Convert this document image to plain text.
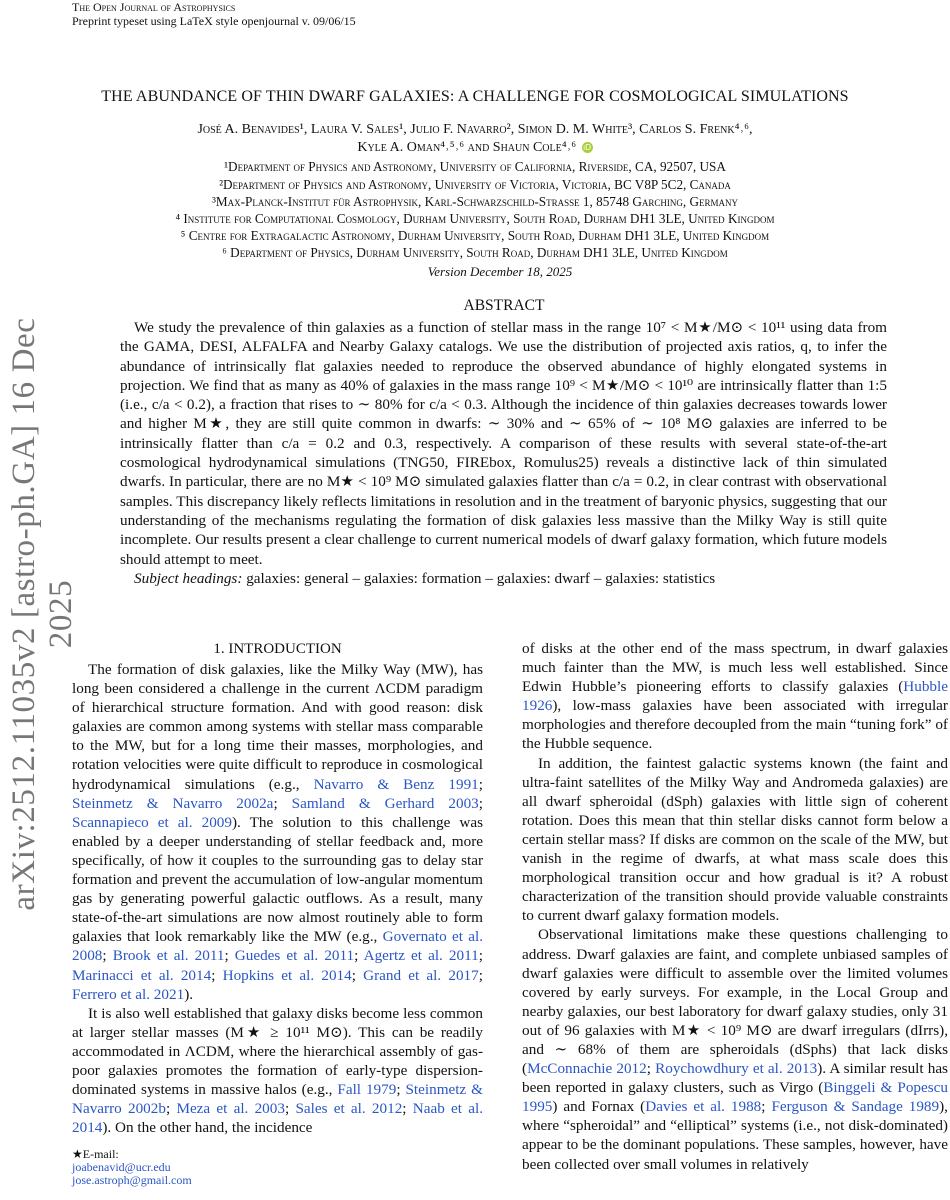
The Open Journal of Astrophysics
Preprint typeset using LaTeX style openjournal v. 09/06/15
THE ABUNDANCE OF THIN DWARF GALAXIES: A CHALLENGE FOR COSMOLOGICAL SIMULATIONS
José A. Benavides¹, Laura V. Sales¹, Julio F. Navarro², Simon D. M. White³, Carlos S. Frenk⁴˒⁶,
Kyle A. Oman⁴˒⁵˒⁶ and Shaun Cole⁴˒⁶ iD
¹Department of Physics and Astronomy, University of California, Riverside, CA, 92507, USA
²Department of Physics and Astronomy, University of Victoria, Victoria, BC V8P 5C2, Canada
³Max-Planck-Institut für Astrophysik, Karl-Schwarzschild-Straße 1, 85748 Garching, Germany
⁴ Institute for Computational Cosmology, Durham University, South Road, Durham DH1 3LE, United Kingdom
⁵ Centre for Extragalactic Astronomy, Durham University, South Road, Durham DH1 3LE, United Kingdom
⁶ Department of Physics, Durham University, South Road, Durham DH1 3LE, United Kingdom
Version December 18, 2025
ABSTRACT

We study the prevalence of thin galaxies as a function of stellar mass in the range 10⁷ < M★/M⊙ < 10¹¹ using data from the GAMA, DESI, ALFALFA and Nearby Galaxy catalogs. We use the distribution of projected axis ratios, q, to infer the abundance of intrinsically flat galaxies needed to reproduce the observed abundance of highly elongated systems in projection. We find that as many as 40% of galaxies in the mass range 10⁹ < M★/M⊙ < 10¹⁰ are intrinsically flatter than 1:5 (i.e., c/a < 0.2), a fraction that rises to ∼ 80% for c/a < 0.3. Although the incidence of thin galaxies decreases towards lower and higher M★, they are still quite common in dwarfs: ∼ 30% and ∼ 65% of ∼ 10⁸ M⊙ galaxies are inferred to be intrinsically flatter than c/a = 0.2 and 0.3, respectively. A comparison of these results with several state-of-the-art cosmological hydrodynamical simulations (TNG50, FIREbox, Romulus25) reveals a distinctive lack of thin simulated dwarfs. In particular, there are no M★ < 10⁹ M⊙ simulated galaxies flatter than c/a = 0.2, in clear contrast with observational samples. This discrepancy likely reflects limitations in resolution and in the treatment of baryonic physics, suggesting that our understanding of the mechanisms regulating the formation of disk galaxies less massive than the Milky Way is still quite incomplete. Our results present a clear challenge to current numerical models of dwarf galaxy formation, which future models should attempt to meet.

Subject headings: galaxies: general – galaxies: formation – galaxies: dwarf – galaxies: statistics

arXiv:2512.11035v2 [astro-ph.GA] 16 Dec 2025
1. INTRODUCTION

The formation of disk galaxies, like the Milky Way (MW), has long been considered a challenge in the current ΛCDM paradigm of hierarchical structure formation. And with good reason: disk galaxies are common among systems with stellar mass comparable to the MW, but for a long time their masses, morphologies, and rotation velocities were quite difficult to reproduce in cosmological hydrodynamical simulations (e.g., Navarro & Benz 1991; Steinmetz & Navarro 2002a; Samland & Gerhard 2003; Scannapieco et al. 2009). The solution to this challenge was enabled by a deeper understanding of stellar feedback and, more specifically, of how it couples to the surrounding gas to delay star formation and prevent the accumulation of low-angular momentum gas by generating powerful galactic outflows. As a result, many state-of-the-art simulations are now almost routinely able to form galaxies that look remarkably like the MW (e.g., Governato et al. 2008; Brook et al. 2011; Guedes et al. 2011; Agertz et al. 2011; Marinacci et al. 2014; Hopkins et al. 2014; Grand et al. 2017; Ferrero et al. 2021).

It is also well established that galaxy disks become less common at larger stellar masses (M★ ≥ 10¹¹ M⊙). This can be readily accommodated in ΛCDM, where the hierarchical assembly of gas-poor galaxies promotes the formation of early-type dispersion-dominated systems in massive halos (e.g., Fall 1979; Steinmetz & Navarro 2002b; Meza et al. 2003; Sales et al. 2012; Naab et al. 2014). On the other hand, the incidence

of disks at the other end of the mass spectrum, in dwarf galaxies much fainter than the MW, is much less well established. Since Edwin Hubble’s pioneering efforts to classify galaxies (Hubble 1926), low-mass galaxies have been associated with irregular morphologies and therefore decoupled from the main “tuning fork” of the Hubble sequence.

In addition, the faintest galactic systems known (the faint and ultra-faint satellites of the Milky Way and Andromeda galaxies) are all dwarf spheroidal (dSph) galaxies with little sign of coherent rotation. Does this mean that thin stellar disks cannot form below a certain stellar mass? If disks are common on the scale of the MW, but vanish in the regime of dwarfs, at what mass scale does this morphological transition occur and how gradual is it? A robust characterization of the transition should provide valuable constraints to current dwarf galaxy formation models.

Observational limitations make these questions challenging to address. Dwarf galaxies are faint, and complete unbiased samples of dwarf galaxies were difficult to assemble over the limited volumes covered by early surveys. For example, in the Local Group and nearby galaxies, our best laboratory for dwarf galaxy studies, only 31 out of 96 galaxies with M★ < 10⁹ M⊙ are dwarf irregulars (dIrrs), and ∼ 68% of them are spheroidals (dSphs) that lack disks (McConnachie 2012; Roychowdhury et al. 2013). A similar result has been reported in galaxy clusters, such as Virgo (Binggeli & Popescu 1995) and Fornax (Davies et al. 1988; Ferguson & Sandage 1989), where “spheroidal” and “elliptical” systems (i.e., not disk-dominated) appear to be the dominant populations. These samples, however, have been collected over small volumes in relatively

★E-mail:
joabenavid@ucr.edu
jose.astroph@gmail.com
